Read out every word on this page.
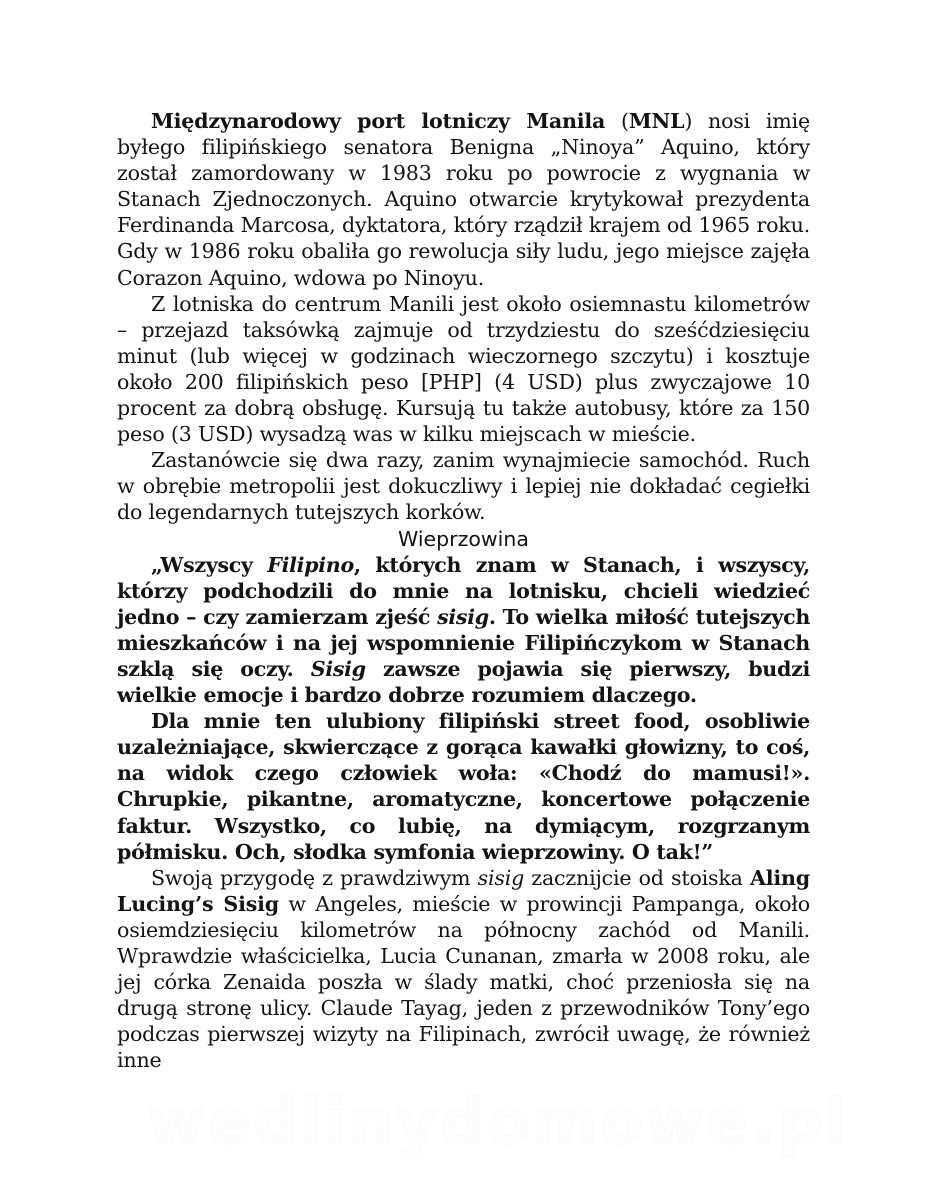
Międzynarodowy port lotniczy Manila (MNL) nosi imię byłego filipińskiego senatora Benigna „Ninoya” Aquino, który został zamordowany w 1983 roku po powrocie z wygnania w Stanach Zjednoczonych. Aquino otwarcie krytykował prezydenta Ferdinanda Marcosa, dyktatora, który rządził krajem od 1965 roku. Gdy w 1986 roku obaliła go rewolucja siły ludu, jego miejsce zajęła Corazon Aquino, wdowa po Ninoyu.

Z lotniska do centrum Manili jest około osiemnastu kilometrów – przejazd taksówką zajmuje od trzydziestu do sześćdziesięciu minut (lub więcej w godzinach wieczornego szczytu) i kosztuje około 200 filipińskich peso [PHP] (4 USD) plus zwyczajowe 10 procent za dobrą obsługę. Kursują tu także autobusy, które za 150 peso (3 USD) wysadzą was w kilku miejscach w mieście.

Zastanówcie się dwa razy, zanim wynajmiecie samochód. Ruch w obrębie metropolii jest dokuczliwy i lepiej nie dokładać cegiełki do legendarnych tutejszych korków.

Wieprzowina

„Wszyscy Filipino, których znam w Stanach, i wszyscy, którzy podchodzili do mnie na lotnisku, chcieli wiedzieć jedno – czy zamierzam zjeść sisig. To wielka miłość tutejszych mieszkańców i na jej wspomnienie Filipińczykom w Stanach szklą się oczy. Sisig zawsze pojawia się pierwszy, budzi wielkie emocje i bardzo dobrze rozumiem dlaczego.

Dla mnie ten ulubiony filipiński street food, osobliwie uzależniające, skwierczące z gorąca kawałki głowizny, to coś, na widok czego człowiek woła: «Chodź do mamusi!». Chrupkie, pikantne, aromatyczne, koncertowe połączenie faktur. Wszystko, co lubię, na dymiącym, rozgrzanym półmisku. Och, słodka symfonia wieprzowiny. O tak!”

Swoją przygodę z prawdziwym sisig zacznijcie od stoiska Aling Lucing’s Sisig w Angeles, mieście w prowincji Pampanga, około osiemdziesięciu kilometrów na północny zachód od Manili. Wprawdzie właścicielka, Lucia Cunanan, zmarła w 2008 roku, ale jej córka Zenaida poszła w ślady matki, choć przeniosła się na drugą stronę ulicy. Claude Tayag, jeden z przewodników Tony’ego podczas pierwszej wizyty na Filipinach, zwrócił uwagę, że również inne

wedlinydomowe.pl
